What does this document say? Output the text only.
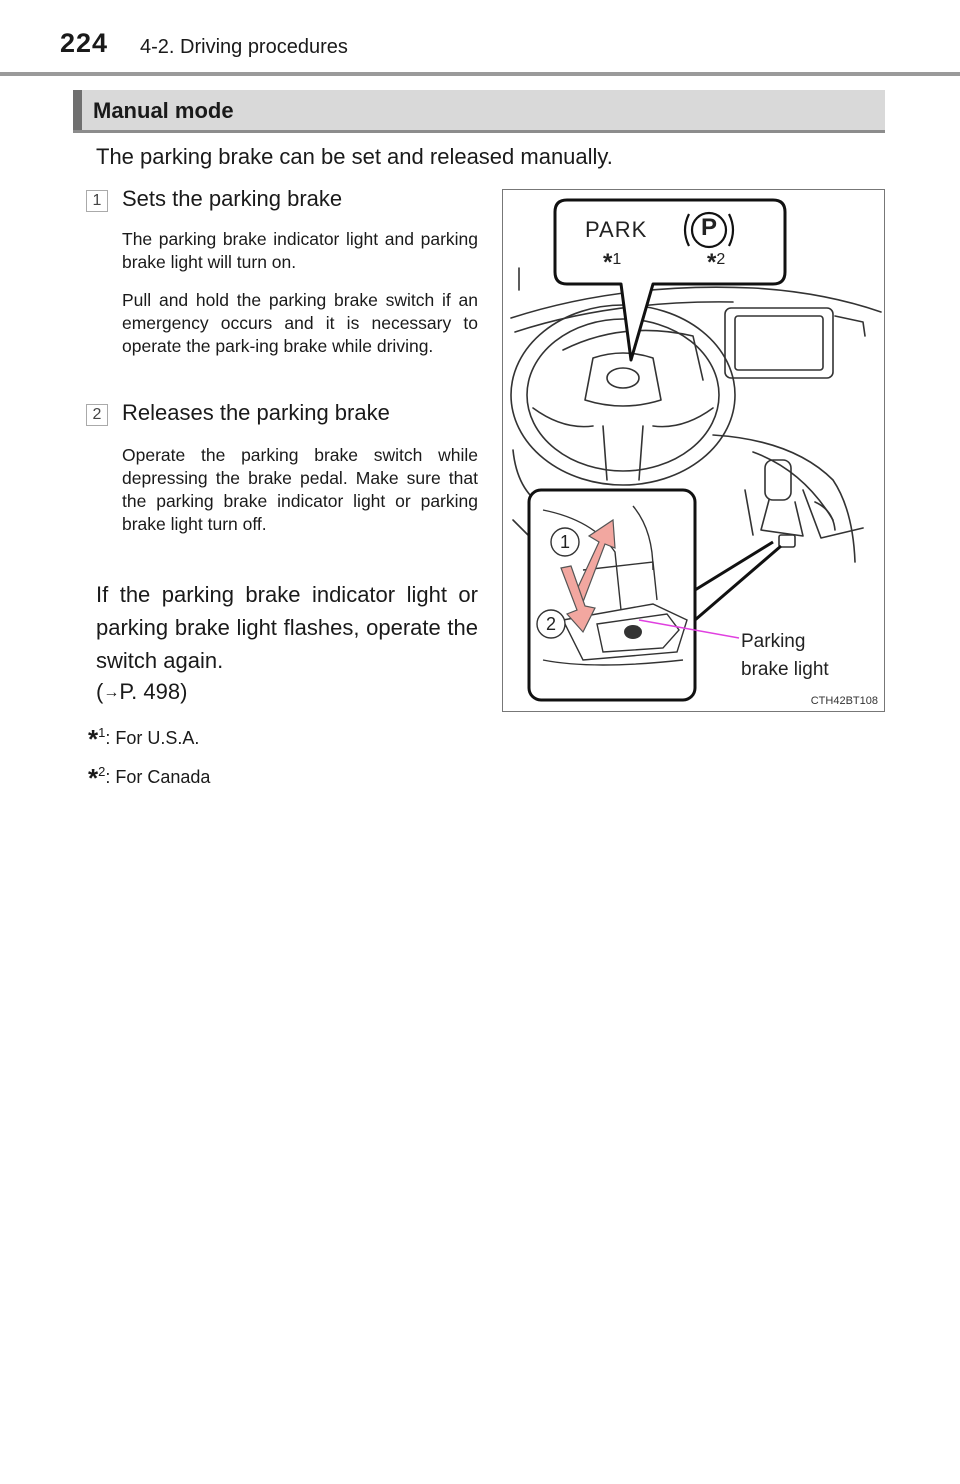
224 4-2. Driving procedures
Manual mode
The parking brake can be set and released manually.
1 Sets the parking brake
The parking brake indicator light and parking brake light will turn on.
Pull and hold the parking brake switch if an emergency occurs and it is necessary to operate the park-ing brake while driving.
2 Releases the parking brake
Operate the parking brake switch while depressing the brake pedal. Make sure that the parking brake indicator light or parking brake light turn off.
If the parking brake indicator light or parking brake light flashes, operate the switch again.
(→P. 498)
*$^1$: For U.S.A.
*$^2$: For Canada
PARK P
*1	*2
1
2
Parking
brake light
CTH42BT108
